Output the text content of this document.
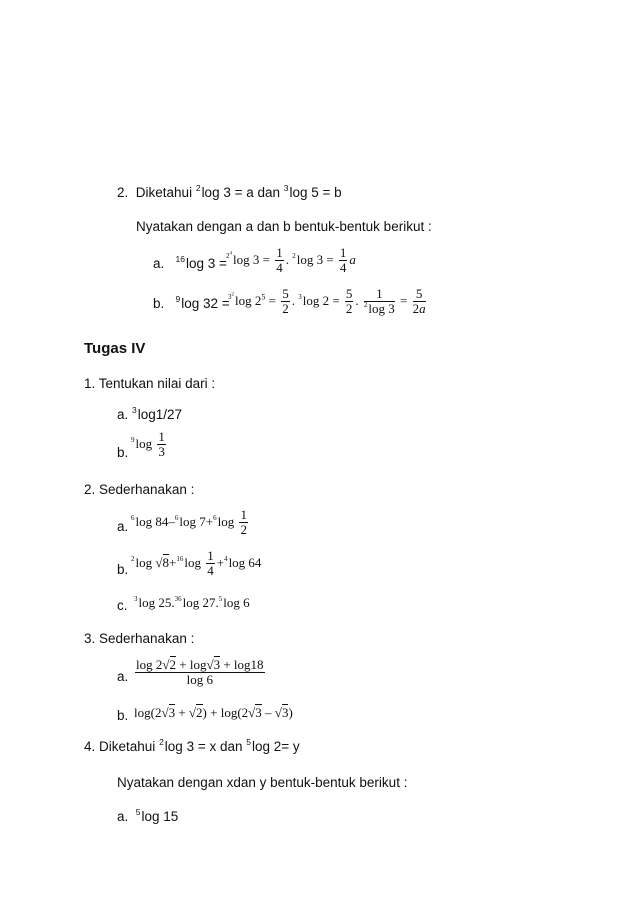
2. Diketahui $^2$log 3 = a dan $^3$log 5 = b
Nyatakan dengan a dan b bentuk-bentuk berikut :
a. $^{16}$log 3 =
$^{2^4}$log $3 = \frac{1}{4}$ . $^2$log $3 = \frac{1}{4}$ a
b. $^9$log 32 =
$^{3^2}$log $2^5 = \frac{5}{2}$ . $^3$log $2 = \frac{5}{2}$ . $\frac{1}{^2\log 3} = \frac{5}{2a}$
Tugas IV
1. Tentukan nilai dari :
a. $^3$log1/27
b.
$^9\log \frac{1}{3}$
2. Sederhanakan :
a.
$^6$log 84–$^6$log $7+^6\log \frac{1}{2}$
b.
$^2$log $√8+^{16}\log \frac{1}{4} +^4\log$ 64
c. $^3$log 25.36log 27.$^5$log 6
3. Sederhanakan :
a. $\frac{\log 2√2 + \log√3 + \log 18}{\log 6}$
b. log(2√3 + √2) + log(2√3 – √3)
4. Diketahui $^2$log 3 = x dan $^5$log 2= y
Nyatakan dengan xdan y bentuk-bentuk berikut :
a. $^5$log 15
